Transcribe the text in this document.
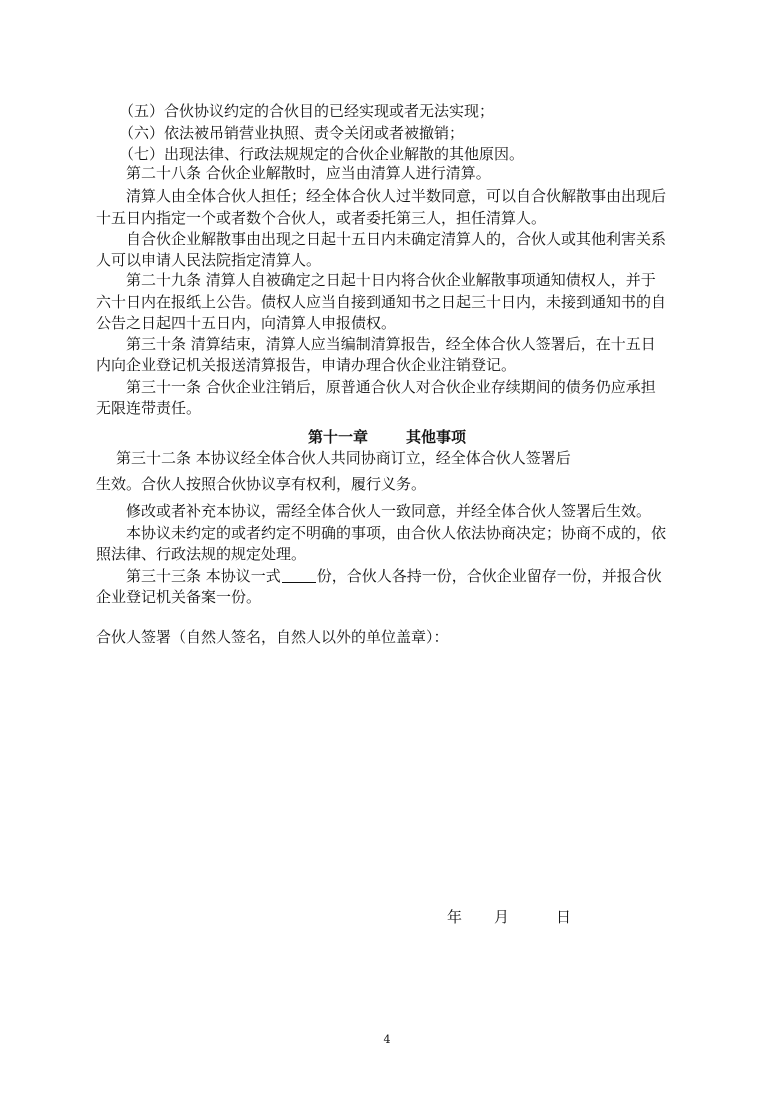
（五）合伙协议约定的合伙目的已经实现或者无法实现；
（六）依法被吊销营业执照、责令关闭或者被撤销；
（七）出现法律、行政法规规定的合伙企业解散的其他原因。
第二十八条 合伙企业解散时，应当由清算人进行清算。
清算人由全体合伙人担任；经全体合伙人过半数同意，可以自合伙解散事由出现后
十五日内指定一个或者数个合伙人，或者委托第三人，担任清算人。
自合伙企业解散事由出现之日起十五日内未确定清算人的，合伙人或其他利害关系
人可以申请人民法院指定清算人。
第二十九条 清算人自被确定之日起十日内将合伙企业解散事项通知债权人，并于
六十日内在报纸上公告。债权人应当自接到通知书之日起三十日内，未接到通知书的自
公告之日起四十五日内，向清算人申报债权。
第三十条 清算结束，清算人应当编制清算报告，经全体合伙人签署后，在十五日
内向企业登记机关报送清算报告，申请办理合伙企业注销登记。
第三十一条 合伙企业注销后，原普通合伙人对合伙企业存续期间的债务仍应承担
无限连带责任。
第十一章	其他事项
第三十二条 本协议经全体合伙人共同协商订立，经全体合伙人签署后
生效。合伙人按照合伙协议享有权利，履行义务。
修改或者补充本协议，需经全体合伙人一致同意，并经全体合伙人签署后生效。
本协议未约定的或者约定不明确的事项，由合伙人依法协商决定；协商不成的，依
照法律、行政法规的规定处理。
第三十三条 本协议一式 份，合伙人各持一份，合伙企业留存一份，并报合伙
企业登记机关备案一份。
合伙人签署（自然人签名，自然人以外的单位盖章）：
年 月	日
4
